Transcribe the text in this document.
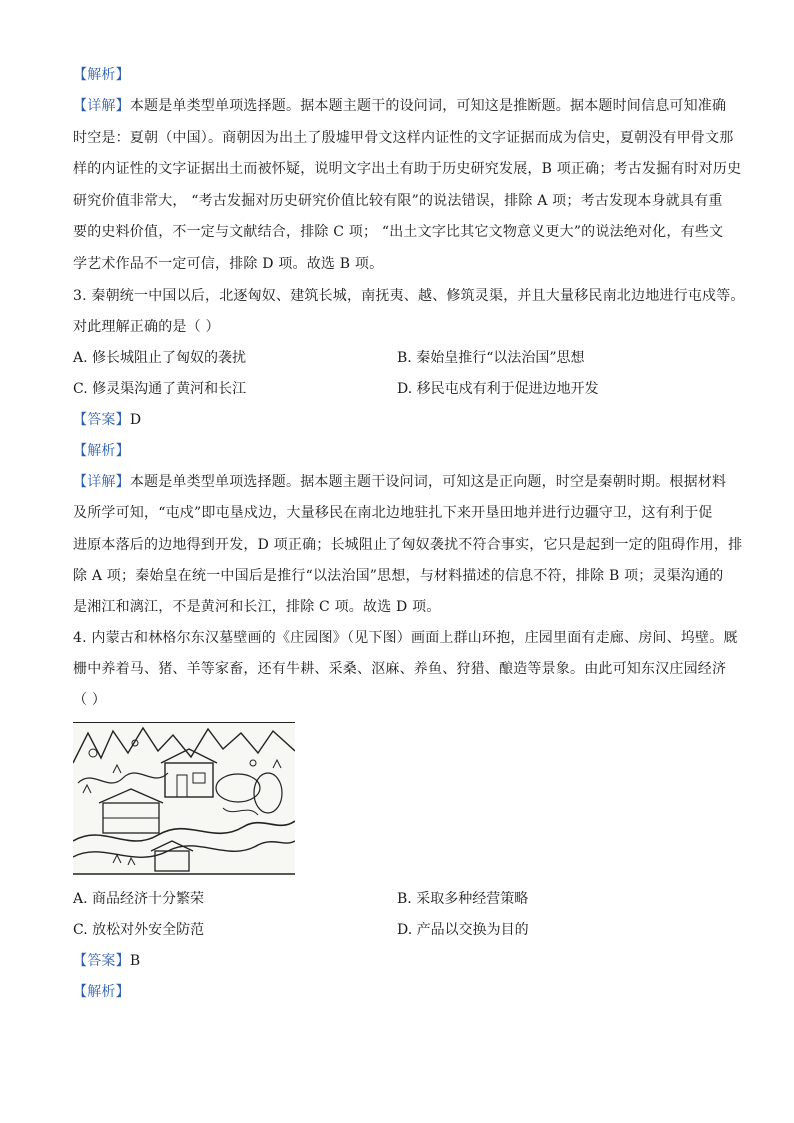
【解析】
【详解】本题是单类型单项选择题。据本题主题干的设问词，可知这是推断题。据本题时间信息可知准确
时空是：夏朝（中国）。商朝因为出土了殷墟甲骨文这样内证性的文字证据而成为信史，夏朝没有甲骨文那
样的内证性的文字证据出土而被怀疑，说明文字出土有助于历史研究发展，B 项正确；考古发掘有时对历史
研究价值非常大， “考古发掘对历史研究价值比较有限”的说法错误，排除 A 项；考古发现本身就具有重
要的史料价值，不一定与文献结合，排除 C 项； “出土文字比其它文物意义更大”的说法绝对化，有些文
学艺术作品不一定可信，排除 D 项。故选 B 项。
3. 秦朝统一中国以后，北逐匈奴、建筑长城，南抚夷、越、修筑灵渠，并且大量移民南北边地进行屯戍等。
对此理解正确的是（ ）
A. 修长城阻止了匈奴的袭扰	B. 秦始皇推行“以法治国”思想
C. 修灵渠沟通了黄河和长江	D. 移民屯戍有利于促进边地开发
【答案】D
【解析】
【详解】本题是单类型单项选择题。据本题主题干设问词，可知这是正向题，时空是秦朝时期。根据材料
及所学可知，“屯戍”即屯垦戍边，大量移民在南北边地驻扎下来开垦田地并进行边疆守卫，这有利于促
进原本落后的边地得到开发，D 项正确；长城阻止了匈奴袭扰不符合事实，它只是起到一定的阻碍作用，排
除 A 项；秦始皇在统一中国后是推行“以法治国”思想，与材料描述的信息不符，排除 B 项；灵渠沟通的
是湘江和漓江，不是黄河和长江，排除 C 项。故选 D 项。
4. 内蒙古和林格尔东汉墓壁画的《庄园图》（见下图）画面上群山环抱，庄园里面有走廊、房间、坞壁。厩
栅中养着马、猪、羊等家畜，还有牛耕、采桑、沤麻、养鱼、狩猎、酿造等景象。由此可知东汉庄园经济
（ ）
A. 商品经济十分繁荣	B. 采取多种经营策略
C. 放松对外安全防范	D. 产品以交换为目的
【答案】B
【解析】
